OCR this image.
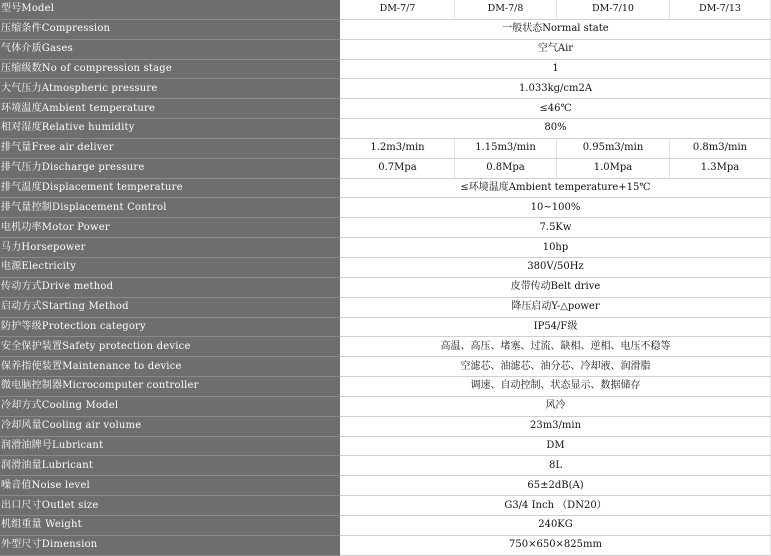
型号Model	DM-7/7	DM-7/8	DM-7/10	DM-7/13
压缩条件Compression	一般状态Normal state			
气体介质Gases	空气Air			
压缩级数No of compression stage	1			
大气压力Atmospheric pressure	1.033kg/cm2A			
环境温度Ambient temperature	≤46℃			
相对湿度Relative humidity	80%			
排气量Free air deliver	1.2m3/min	1.15m3/min	0.95m3/min	0.8m3/min
排气压力Discharge pressure	0.7Mpa	0.8Mpa	1.0Mpa	1.3Mpa
排气温度Displacement temperature	≤环境温度Ambient temperature+15℃			
排气量控制Displacement Control	10~100%			
电机功率Motor Power	7.5Kw			
马力Horsepower	10hp			
电源Electricity	380V/50Hz			
传动方式Drive method	皮带传动Belt drive			
启动方式Starting Method	降压启动Y-△power			
防护等级Protection category	IP54/F级			
安全保护装置Safety protection device	高温、高压、堵塞、过流、缺相、逆相、电压不稳等			
保养指使装置Maintenance to device	空滤芯、油滤芯、油分芯、冷却液、润滑脂			
微电脑控制器Microcomputer controller	调速、自动控制、状态显示、数据储存			
冷却方式Cooling Model	风冷			
冷却风量Cooling air volume	23m3/min			
润滑油牌号Lubricant	DM			
润滑油量Lubricant	8L			
噪音值Noise level	65±2dB(A)			
出口尺寸Outlet size	G3/4 Inch （DN20）			
机组重量 Weight	240KG			
外型尺寸Dimension	750×650×825mm			
